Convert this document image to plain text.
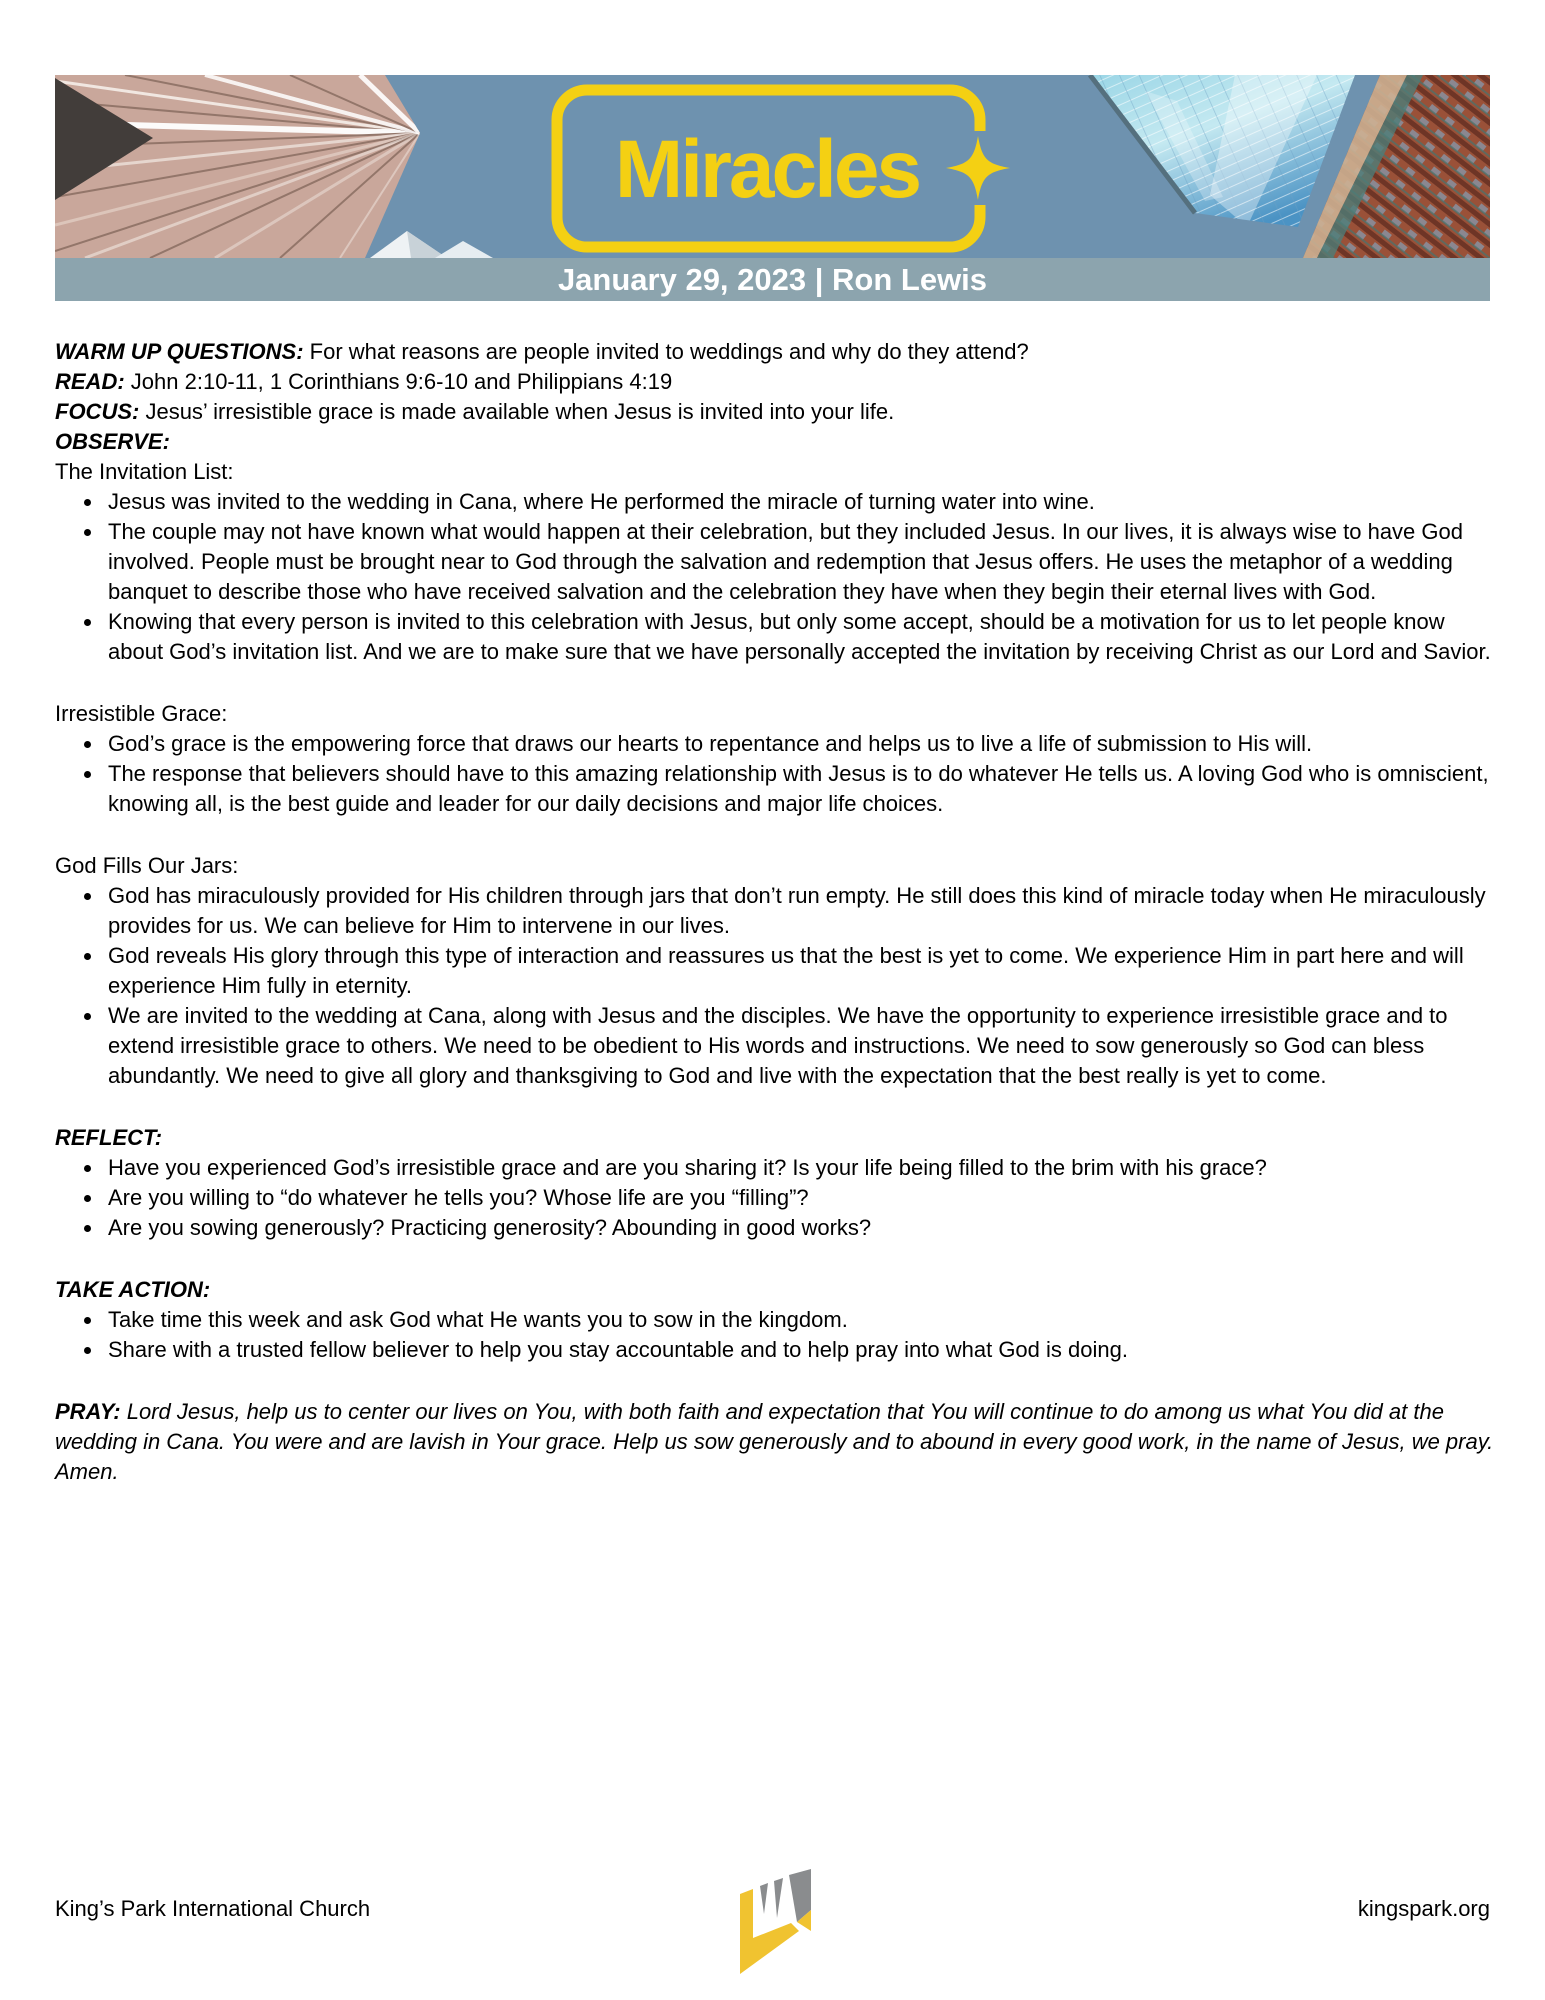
Miracles
January 29, 2023 | Ron Lewis

WARM UP QUESTIONS: For what reasons are people invited to weddings and why do they attend?

READ: John 2:10-11, 1 Corinthians 9:6-10 and Philippians 4:19

FOCUS: Jesus’ irresistible grace is made available when Jesus is invited into your life.

OBSERVE:

The Invitation List:

• Jesus was invited to the wedding in Cana, where He performed the miracle of turning water into wine.
• The couple may not have known what would happen at their celebration, but they included Jesus. In our lives, it is always wise to have God involved. People must be brought near to God through the salvation and redemption that Jesus offers. He uses the metaphor of a wedding banquet to describe those who have received salvation and the celebration they have when they begin their eternal lives with God.
• Knowing that every person is invited to this celebration with Jesus, but only some accept, should be a motivation for us to let people know about God’s invitation list. And we are to make sure that we have personally accepted the invitation by receiving Christ as our Lord and Savior.

Irresistible Grace:

• God’s grace is the empowering force that draws our hearts to repentance and helps us to live a life of submission to His will.
• The response that believers should have to this amazing relationship with Jesus is to do whatever He tells us. A loving God who is omniscient, knowing all, is the best guide and leader for our daily decisions and major life choices.

God Fills Our Jars:

• God has miraculously provided for His children through jars that don’t run empty. He still does this kind of miracle today when He miraculously provides for us. We can believe for Him to intervene in our lives.
• God reveals His glory through this type of interaction and reassures us that the best is yet to come. We experience Him in part here and will experience Him fully in eternity.
• We are invited to the wedding at Cana, along with Jesus and the disciples. We have the opportunity to experience irresistible grace and to extend irresistible grace to others. We need to be obedient to His words and instructions. We need to sow generously so God can bless abundantly. We need to give all glory and thanksgiving to God and live with the expectation that the best really is yet to come.

REFLECT:

• Have you experienced God’s irresistible grace and are you sharing it? Is your life being filled to the brim with his grace?
• Are you willing to “do whatever he tells you? Whose life are you “filling”?
• Are you sowing generously? Practicing generosity? Abounding in good works?

TAKE ACTION:

• Take time this week and ask God what He wants you to sow in the kingdom.
• Share with a trusted fellow believer to help you stay accountable and to help pray into what God is doing.

PRAY: Lord Jesus, help us to center our lives on You, with both faith and expectation that You will continue to do among us what You did at the wedding in Cana. You were and are lavish in Your grace. Help us sow generously and to abound in every good work, in the name of Jesus, we pray. Amen.

King’s Park International Church	kingspark.org
